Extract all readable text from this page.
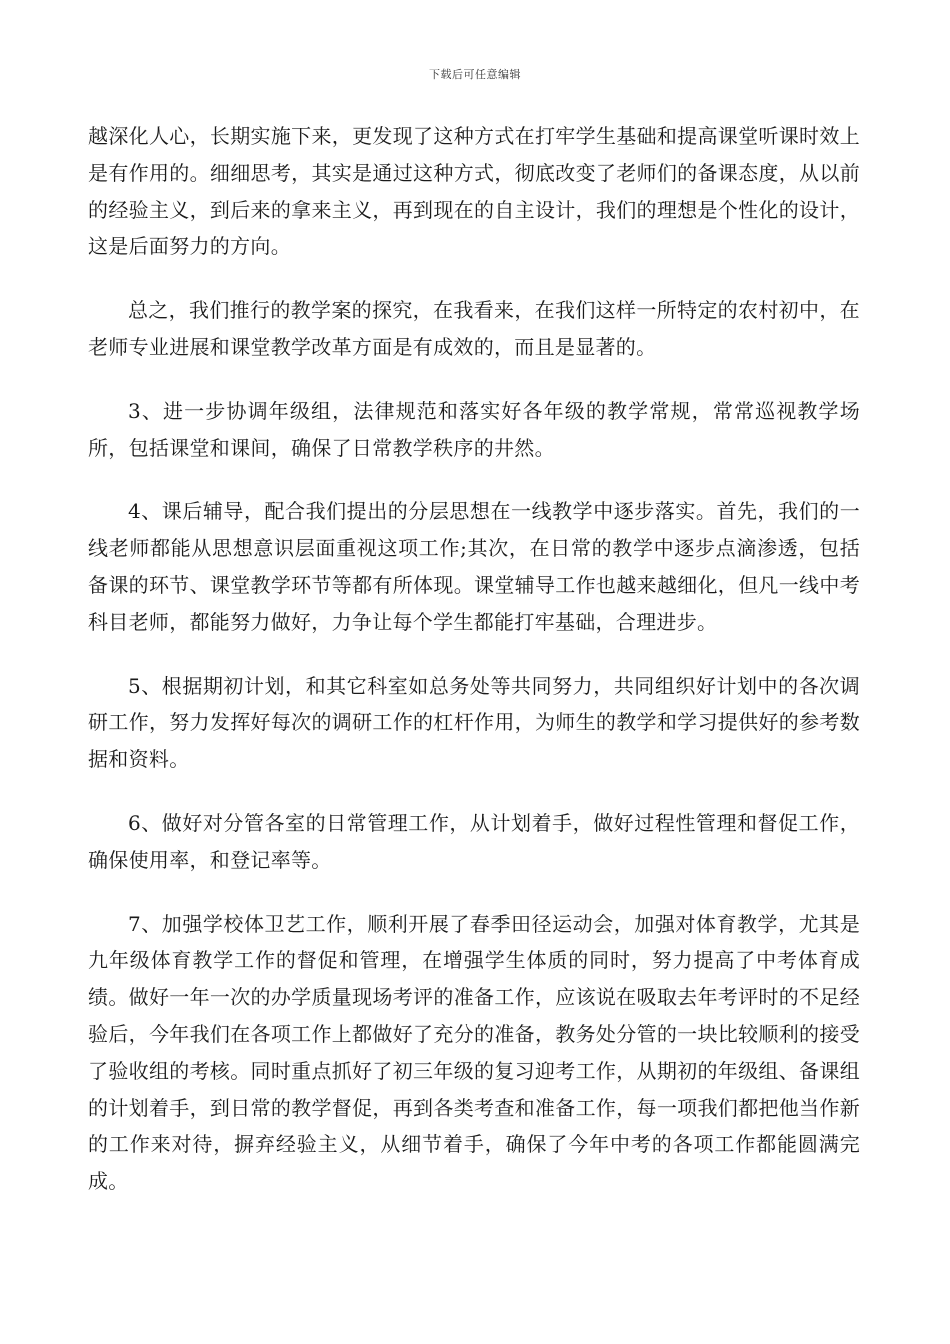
下载后可任意编辑

越深化人心，长期实施下来，更发现了这种方式在打牢学生基础和提高课堂听课时效上是有作用的。细细思考，其实是通过这种方式，彻底改变了老师们的备课态度，从以前的经验主义，到后来的拿来主义，再到现在的自主设计，我们的理想是个性化的设计，这是后面努力的方向。

总之，我们推行的教学案的探究，在我看来，在我们这样一所特定的农村初中，在老师专业进展和课堂教学改革方面是有成效的，而且是显著的。

3、进一步协调年级组，法律规范和落实好各年级的教学常规，常常巡视教学场所，包括课堂和课间，确保了日常教学秩序的井然。

4、课后辅导，配合我们提出的分层思想在一线教学中逐步落实。首先，我们的一线老师都能从思想意识层面重视这项工作;其次，在日常的教学中逐步点滴渗透，包括备课的环节、课堂教学环节等都有所体现。课堂辅导工作也越来越细化，但凡一线中考科目老师，都能努力做好，力争让每个学生都能打牢基础，合理进步。

5、根据期初计划，和其它科室如总务处等共同努力，共同组织好计划中的各次调研工作，努力发挥好每次的调研工作的杠杆作用，为师生的教学和学习提供好的参考数据和资料。

6、做好对分管各室的日常管理工作，从计划着手，做好过程性管理和督促工作，确保使用率，和登记率等。

7、加强学校体卫艺工作，顺利开展了春季田径运动会，加强对体育教学，尤其是九年级体育教学工作的督促和管理，在增强学生体质的同时，努力提高了中考体育成绩。做好一年一次的办学质量现场考评的准备工作，应该说在吸取去年考评时的不足经验后，今年我们在各项工作上都做好了充分的准备，教务处分管的一块比较顺利的接受了验收组的考核。同时重点抓好了初三年级的复习迎考工作，从期初的年级组、备课组的计划着手，到日常的教学督促，再到各类考查和准备工作，每一项我们都把他当作新的工作来对待，摒弃经验主义，从细节着手，确保了今年中考的各项工作都能圆满完成。
